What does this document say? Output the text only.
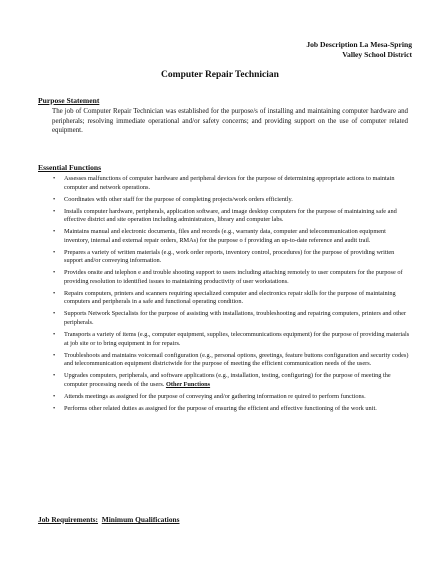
Job Description La Mesa-Spring
Valley School District
Computer Repair Technician
Purpose Statement
The job of Computer Repair Technician was established for the purpose/s of installing and maintaining computer hardware and peripherals; resolving immediate operational and/or safety concerns; and providing support on the use of computer related equipment.
Essential Functions
• Assesses malfunctions of computer hardware and peripheral devices for the purpose of determining appropriate actions to maintain computer and network operations.
• Coordinates with other staff for the purpose of completing projects/work orders efficiently.
• Installs computer hardware, peripherals, application software, and image desktop computers for the purpose of maintaining safe and effective district and site operation including administrators, library and computer labs.
• Maintains manual and electronic documents, files and records (e.g., warranty data, computer and telecommunication equipment inventory, internal and external repair orders, RMAs) for the purpose o f providing an up-to-date reference and audit trail.
• Prepares a variety of written materials (e.g., work order reports, inventory control, procedures) for the purpose of providing written support and/or conveying information.
• Provides onsite and telephon e and trouble shooting support to users including attaching remotely to user computers for the purpose of providing resolution to identified issues to maintaining productivity of user workstations.
• Repairs computers, printers and scanners requiring specialized computer and electronics repair skills for the purpose of maintaining computers and peripherals in a safe and functional operating condition.
• Supports Network Specialists for the purpose of assisting with installations, troubleshooting and repairing computers, printers and other peripherals.
• Transports a variety of items (e.g., computer equipment, supplies, telecommunications equipment) for the purpose of providing materials at job site or to bring equipment in for repairs.
• Troubleshoots and maintains voicemail configuration (e.g., personal options, greetings, feature buttons configuration and security codes) and telecommunication equipment districtwide for the purpose of meeting the efficient communication needs of the users.
• Upgrades computers, peripherals, and software applications (e.g., installation, testing, configuring) for the purpose of meeting the computer processing needs of the users. Other Functions
• Attends meetings as assigned for the purpose of conveying and/or gathering information re quired to perform functions.
• Performs other related duties as assigned for the purpose of ensuring the efficient and effective functioning of the work unit.
Job Requirements: Minimum Qualifications
